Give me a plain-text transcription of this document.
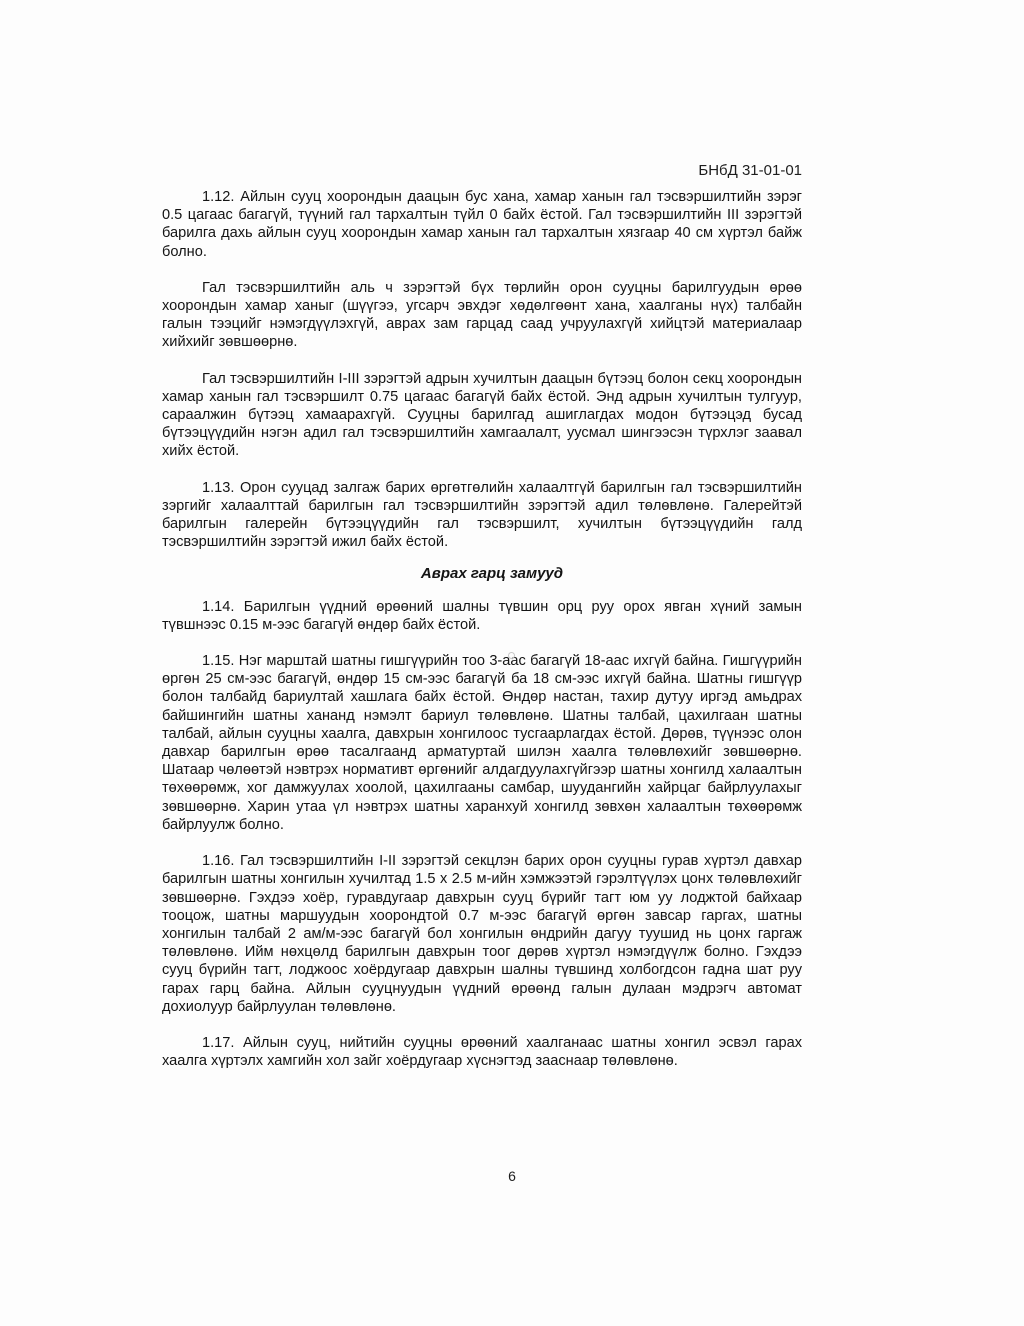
БНбД 31-01-01

1.12. Айлын сууц хоорондын даацын бус хана, хамар ханын гал тэсвэршилтийн зэрэг 0.5 цагаас багагүй, түүний гал тархалтын түйл 0 байх ёстой. Гал тэсвэршилтийн III зэрэгтэй барилга дахь айлын сууц хоорондын хамар ханын гал тархалтын хязгаар 40 см хүртэл байж болно.

Гал тэсвэршилтийн аль ч зэрэгтэй бүх төрлийн орон сууцны барилгуудын өрөө хоорондын хамар ханыг (шүүгээ, угсарч эвхдэг хөдөлгөөнт хана, хаалганы нүх) талбайн галын тээцийг нэмэгдүүлэхгүй, аврах зам гарцад саад учруулахгүй хийцтэй материалаар хийхийг зөвшөөрнө.

Гал тэсвэршилтийн I-III зэрэгтэй адрын хучилтын даацын бүтээц болон секц хоорондын хамар ханын гал тэсвэршилт 0.75 цагаас багагүй байх ёстой. Энд адрын хучилтын тулгуур, сараалжин бүтээц хамаарахгүй. Сууцны барилгад ашиглагдах модон бүтээцэд бусад бүтээцүүдийн нэгэн адил гал тэсвэршилтийн хамгаалалт, уусмал шингээсэн түрхлэг заавал хийх ёстой.

1.13. Орон сууцад залгаж барих өргөтгөлийн халаалтгүй барилгын гал тэсвэршилтийн зэргийг халаалттай барилгын гал тэсвэршилтийн зэрэгтэй адил төлөвлөнө. Галерейтэй барилгын галерейн бүтээцүүдийн гал тэсвэршилт, хучилтын бүтээцүүдийн галд тэсвэршилтийн зэрэгтэй ижил байх ёстой.

Аврах гарц замууд

1.14. Барилгын үүдний өрөөний шалны түвшин орц руу орох явган хүний замын түвшнээс 0.15 м-ээс багагүй өндөр байх ёстой.

1.15. Нэг марштай шатны гишгүүрийн тоо 3-аас багагүй 18-аас ихгүй байна. Гишгүүрийн өргөн 25 см-ээс багагүй, өндөр 15 см-ээс багагүй ба 18 см-ээс ихгүй байна. Шатны гишгүүр болон талбайд бариултай хашлага байх ёстой. Өндөр настан, тахир дутуу иргэд амьдрах байшингийн шатны хананд нэмэлт бариул төлөвлөнө. Шатны талбай, цахилгаан шатны талбай, айлын сууцны хаалга, давхрын хонгилоос тусгаарлагдах ёстой. Дөрөв, түүнээс олон давхар барилгын өрөө тасалгаанд арматуртай шилэн хаалга төлөвлөхийг зөвшөөрнө. Шатаар чөлөөтэй нэвтрэх нормативт өргөнийг алдагдуулахгүйгээр шатны хонгилд халаалтын төхөөрөмж, хог дамжуулах хоолой, цахилгааны самбар, шуудангийн хайрцаг байрлуулахыг зөвшөөрнө. Харин утаа үл нэвтрэх шатны харанхуй хонгилд зөвхөн халаалтын төхөөрөмж байрлуулж болно.

1.16. Гал тэсвэршилтийн I-II зэрэгтэй секцлэн барих орон сууцны гурав хүртэл давхар барилгын шатны хонгилын хучилтад 1.5 х 2.5 м-ийн хэмжээтэй гэрэлтүүлэх цонх төлөвлөхийг зөвшөөрнө. Гэхдээ хоёр, гуравдугаар давхрын сууц бүрийг тагт юм уу лоджтой байхаар тооцож, шатны маршуудын хоорондтой 0.7 м-ээс багагүй өргөн завсар гаргах, шатны хонгилын талбай 2 ам/м-ээс багагүй бол хонгилын өндрийн дагуу туушид нь цонх гаргаж төлөвлөнө. Ийм нөхцөлд барилгын давхрын тоог дөрөв хүртэл нэмэгдүүлж болно. Гэхдээ сууц бүрийн тагт, лоджоос хоёрдугаар давхрын шалны түвшинд холбогдсон гадна шат руу гарах гарц байна. Айлын сууцнуудын үүдний өрөөнд галын дулаан мэдрэгч автомат дохиолуур байрлуулан төлөвлөнө.

1.17. Айлын сууц, нийтийн сууцны өрөөний хаалганаас шатны хонгил эсвэл гарах хаалга хүртэлх хамгийн хол зайг хоёрдугаар хүснэгтэд зааснаар төлөвлөнө.

6
